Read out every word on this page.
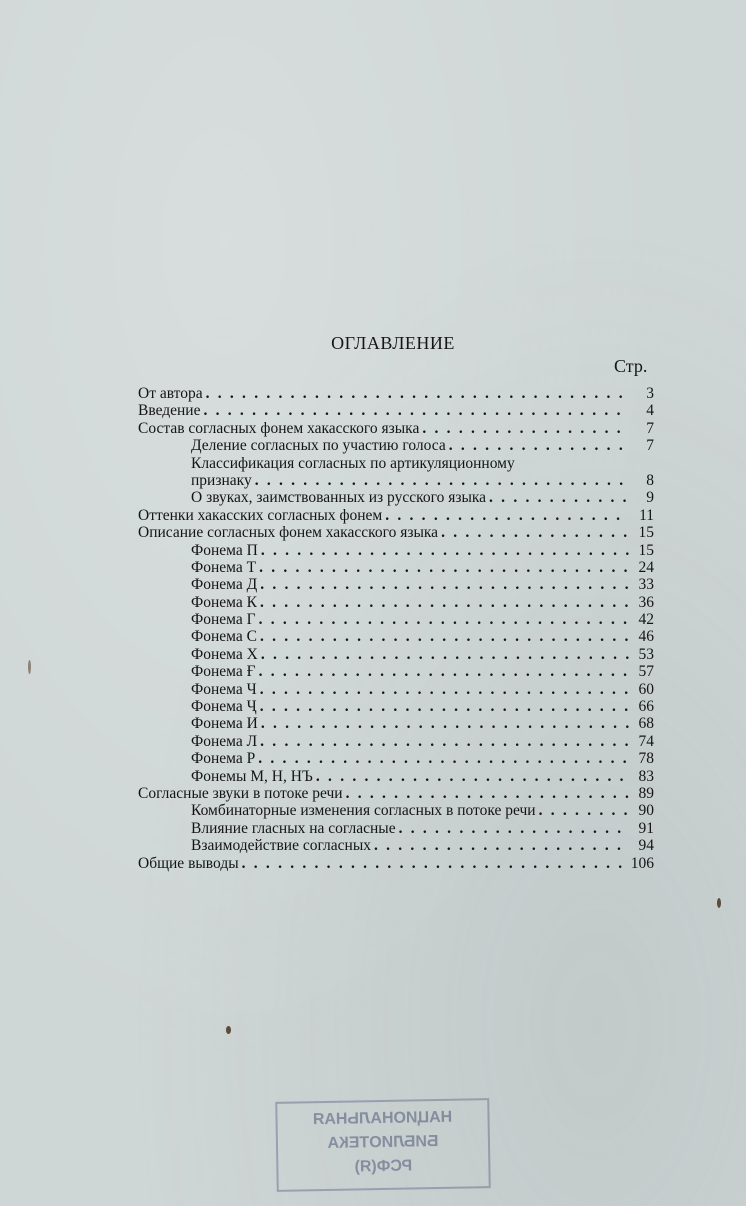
ОГЛАВЛЕНИЕ
Стр.
От автора . . .	3
Введение . . .	4
Состав согласных фонем хакасского языка . . .	7
Деление согласных по участию голоса . . .	7
Классификация согласных по артикуляционному
признаку . . .	8
О звуках, заимствованных из русского языка . . .	9
Оттенки хакасских согласных фонем . . .	11
Описание согласных фонем хакасского языка . . .	15
Фонема П . . .	15
Фонема Т . . .	24
Фонема Д . . .	33
Фонема К . . .	36
Фонема Г . . .	42
Фонема С . . .	46
Фонема Х . . .	53
Фонема Ғ . . .	57
Фонема Ч . . .	60
Фонема Ҷ . . .	66
Фонема И . . .	68
Фонема Л . . .	74
Фонема Р . . .	78
Фонемы М, Н, НЪ . . .	83
Согласные звуки в потоке речи . . .	89
Комбинаторные изменения согласных в потоке речи . . .	90
Влияние гласных на согласные . . .	91
Взаимодействие согласных . . .	94
Общие выводы . . .	106
НАЦИОНАЛЬНАЯ
БИБЛИОТЕКА
РСФ(Я)
